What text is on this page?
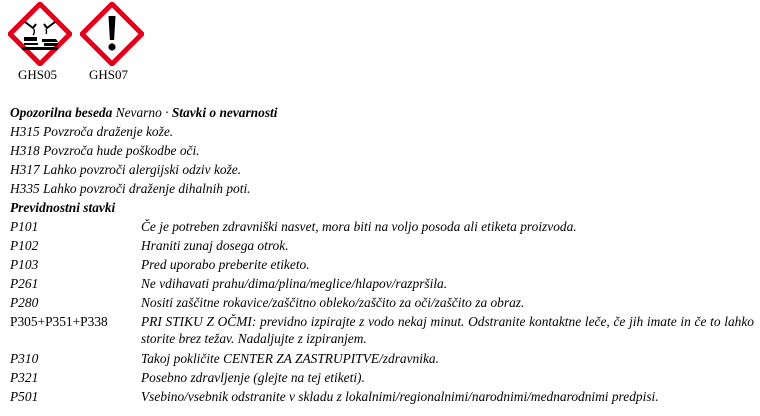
GHS05 GHS07
Opozorilna beseda Nevarno · Stavki o nevarnosti
H315 Povzroča draženje kože.
H318 Povzroča hude poškodbe oči.
H317 Lahko povzroči alergijski odziv kože.
H335 Lahko povzroči draženje dihalnih poti.
Previdnostni stavki
P101	Če je potreben zdravniški nasvet, mora biti na voljo posoda ali etiketa proizvoda.
P102	Hraniti zunaj dosega otrok.
P103	Pred uporabo preberite etiketo.
P261	Ne vdihavati prahu/dima/plina/meglice/hlapov/razpršila.
P280	Nositi zaščitne rokavice/zaščitno obleko/zaščito za oči/zaščito za obraz.
P305+P351+P338	PRI STIKU Z OČMI: previdno izpirajte z vodo nekaj minut. Odstranite kontaktne leče, če jih imate in če to lahko storite brez težav. Nadaljujte z izpiranjem.
P310	Takoj pokličite CENTER ZA ZASTRUPITVE/zdravnika.
P321	Posebno zdravljenje (glejte na tej etiketi).
P501	Vsebino/vsebnik odstranite v skladu z lokalnimi/regionalnimi/narodnimi/mednarodnimi predpisi.
